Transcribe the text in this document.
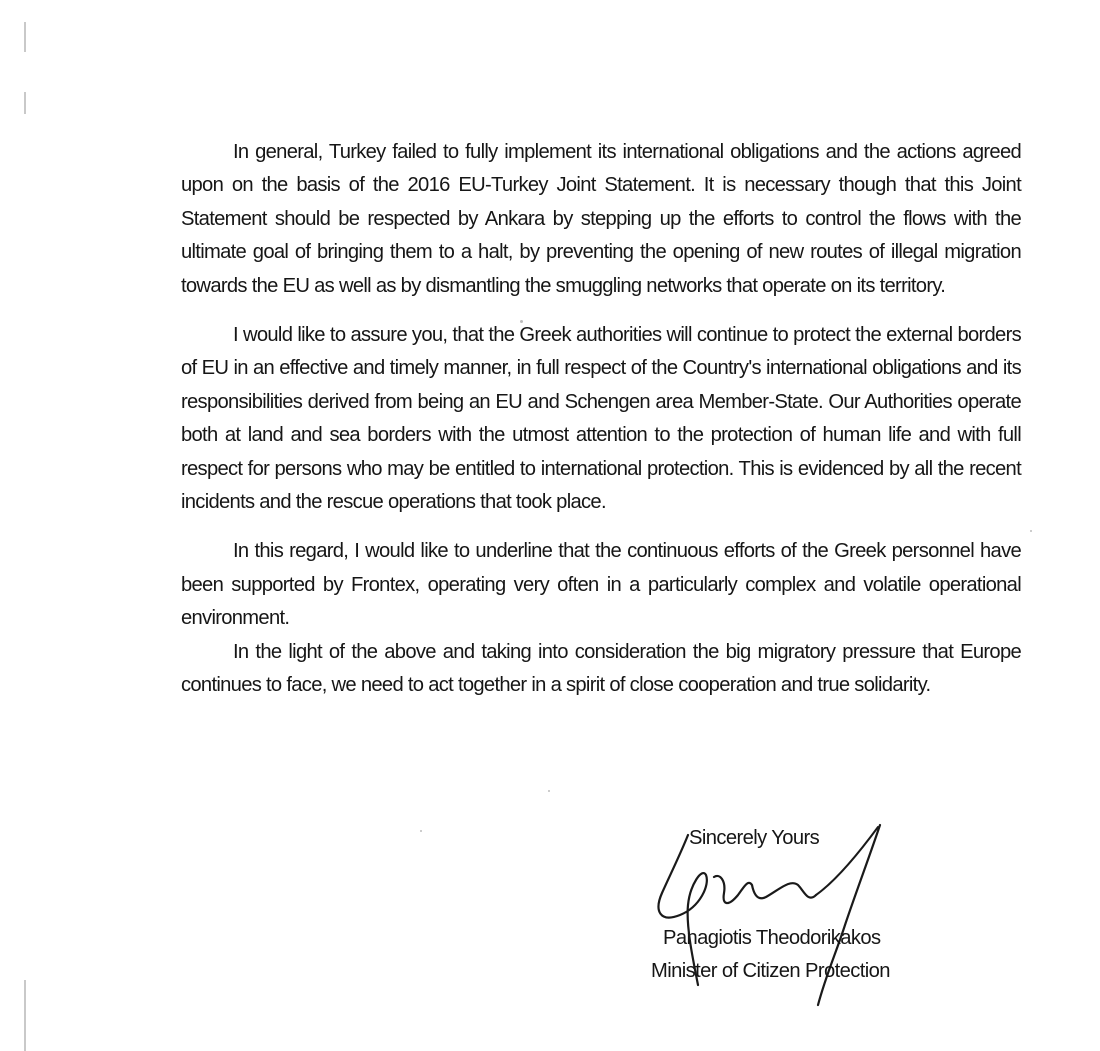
In general, Turkey failed to fully implement its international obligations and the actions agreed upon on the basis of the 2016 EU-Turkey Joint Statement. It is necessary though that this Joint Statement should be respected by Ankara by stepping up the efforts to control the flows with the ultimate goal of bringing them to a halt, by preventing the opening of new routes of illegal migration towards the EU as well as by dismantling the smuggling networks that operate on its territory.

I would like to assure you, that the Greek authorities will continue to protect the external borders of EU in an effective and timely manner, in full respect of the Country's international obligations and its responsibilities derived from being an EU and Schengen area Member-State. Our Authorities operate both at land and sea borders with the utmost attention to the protection of human life and with full respect for persons who may be entitled to international protection. This is evidenced by all the recent incidents and the rescue operations that took place.

In this regard, I would like to underline that the continuous efforts of the Greek personnel have been supported by Frontex, operating very often in a particularly complex and volatile operational environment.

In the light of the above and taking into consideration the big migratory pressure that Europe continues to face, we need to act together in a spirit of close cooperation and true solidarity.

Sincerely Yours
Panagiotis Theodorikakos
Minister of Citizen Protection
